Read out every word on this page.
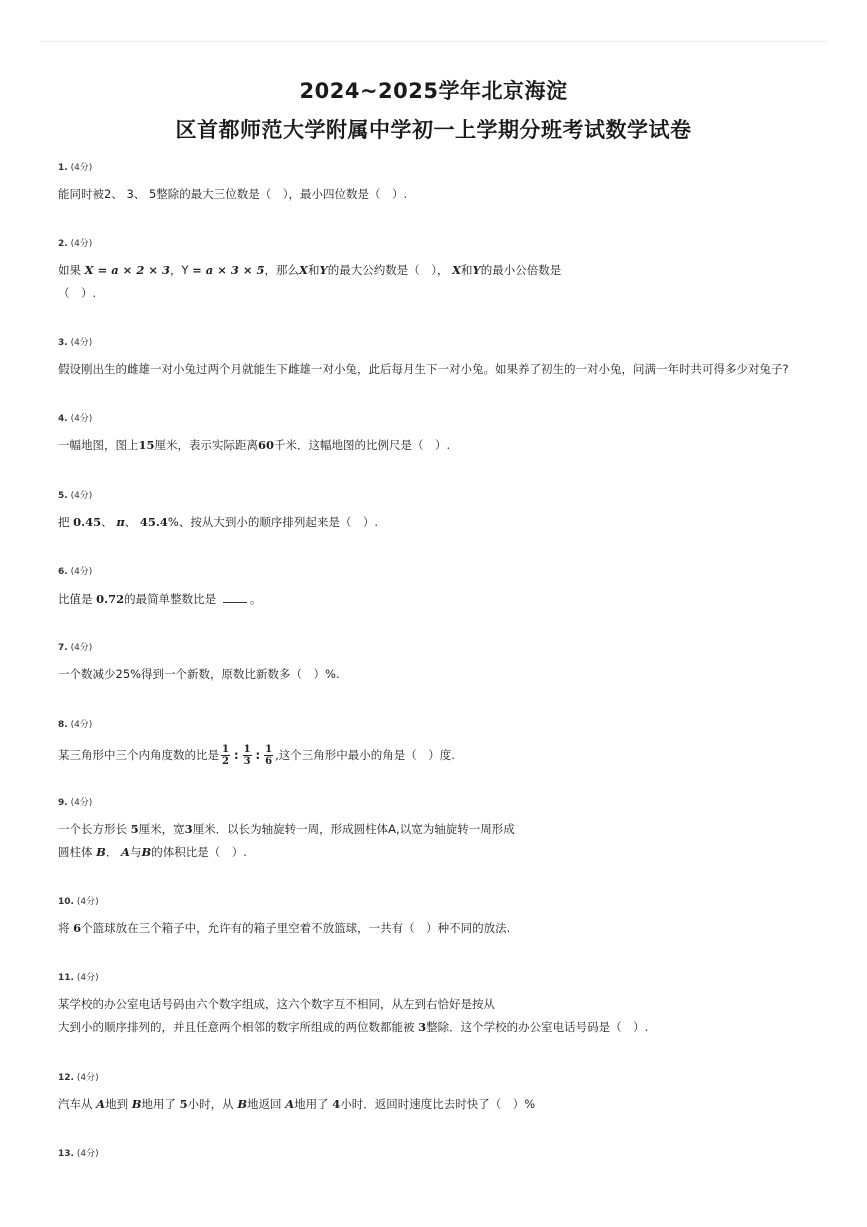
2024~2025学年北京海淀
区首都师范大学附属中学初一上学期分班考试数学试卷
1. (4分)
能同时被2、 3、 5整除的最大三位数是（　），最小四位数是（　）.
2. (4分)
如果 X = a × 2 × 3，Y = a × 3 × 5，那么X和Y的最大公约数是（　）， X和Y的最小公倍数是
（　）.
3. (4分)
假设刚出生的雌雄一对小兔过两个月就能生下雌雄一对小兔，此后每月生下一对小兔。如果养了初生的一对小兔，问满一年时共可得多少对兔子?
4. (4分)
一幅地图，图上15厘米，表示实际距离60千米．这幅地图的比例尺是（　）.
5. (4分)
把 0.45、 π、 45.4%、按从大到小的顺序排列起来是（　）.
6. (4分)
比值是 0.72的最简单整数比是	。
7. (4分)
一个数减少25%得到一个新数，原数比新数多（　）%.
8. (4分)
某三角形中三个内角度数的比是 $\frac{1}{2}$ : $\frac{1}{3}$ : $\frac{1}{6}$ ,这个三角形中最小的角是（　）度.
9. (4分)
一个长方形长 5厘米，宽3厘米．以长为轴旋转一周，形成圆柱体A,以宽为轴旋转一周形成
圆柱体 B． A与B的体积比是（　）.
10. (4分)
将 6个篮球放在三个箱子中，允许有的箱子里空着不放篮球，一共有（　）种不同的放法.
11. (4分)
某学校的办公室电话号码由六个数字组成，这六个数字互不相同，从左到右恰好是按从
大到小的顺序排列的，并且任意两个相邻的数字所组成的两位数都能被 3整除．这个学校的办公室电话号码是（　）.
12. (4分)
汽车从 A地到 B地用了 5小时，从 B地返回 A地用了 4小时．返回时速度比去时快了（　）%
13. (4分)
